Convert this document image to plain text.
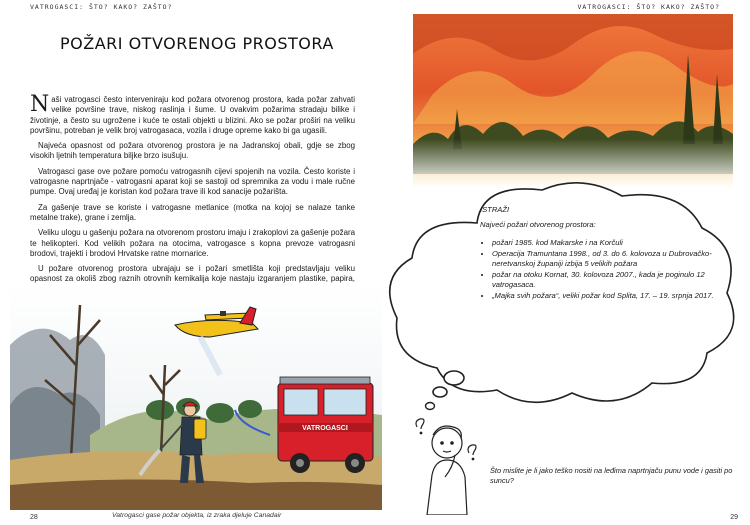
VATROGASCI: ŠTO? KAKO? ZAŠTO?	VATROGASCI: ŠTO? KAKO? ZAŠTO?
POŽARI OTVORENOG PROSTORA

Naši vatrogasci često interveniraju kod požara otvorenog prostora, kada požar zahvati velike površine trave, niskog raslinja i šume. U ovakvim požarima stradaju bilike i životinje, a često su ugrožene i kuće te ostali objekti u blizini. Ako se požar proširi na veliku površinu, potreban je velik broj vatrogasaca, vozila i druge opreme kako bi ga ugasili.

Najveća opasnost od požara otvorenog prostora je na Jadranskoj obali, gdje se zbog visokih ljetnih temperatura biljke brzo isušuju.

Vatrogasci gase ove požare pomoću vatrogasnih cijevi spojenih na vozila. Često koriste i vatrogasne naprtnjače - vatrogasni aparat koji se sastoji od spremnika za vodu i male ručne pumpe. Ovaj uređaj je koristan kod požara trave ili kod sanacije požarišta.

Za gašenje trave se koriste i vatrogasne metlanice (motka na kojoj se nalaze tanke metalne trake), grane i zemlja.

Veliku ulogu u gašenju požara na otvorenom prostoru imaju i zrakoplovi za gašenje požara te helikopteri. Kod velikih požara na otocima, vatrogasce s kopna prevoze vatrogasni brodovi, trajekti i brodovi Hrvatske ratne mornarice.

U požare otvorenog prostora ubrajaju se i požari smetlišta koji predstavljaju veliku opasnost za okoliš zbog raznih otrovnih kemikalija koje nastaju izgaranjem plastike, papira,

ISTRAŽI

Najveći požari otvorenog prostora:

• požari 1985. kod Makarske i na Korčuli
• Operacija Tramuntana 1998., od 3. do 6. kolovoza u Dubrovačko-neretvanskoj županiji izbija 5 velikih požara
• požar na otoku Kornat, 30. kolovoza 2007., kada je poginulo 12 vatrogasaca.
• „Majka svih požara“, veliki požar kod Splita, 17. – 19. srpnja 2017.
Što mislite je li jako teško nositi na leđima naprtnjaču punu vode i gasiti po suncu?
VATROGASCI
Vatrogasci gase požar objekta, iz zraka djeluje Canadair
28	29
